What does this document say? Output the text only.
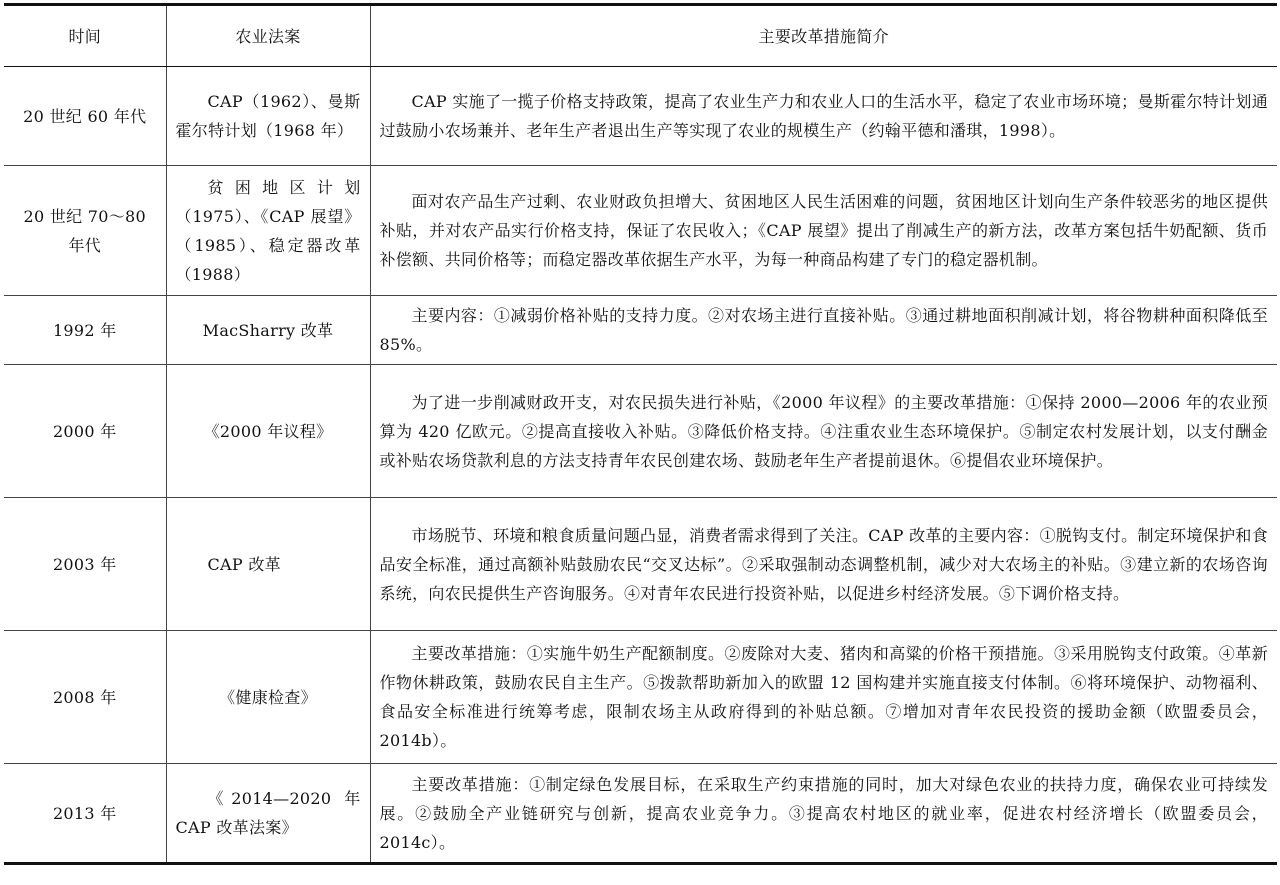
时间	农业法案	主要改革措施简介
20 世纪 60 年代	CAP（1962）、曼斯霍尔特计划（1968 年）	CAP 实施了一揽子价格支持政策，提高了农业生产力和农业人口的生活水平，稳定了农业市场环境；曼斯霍尔特计划通过鼓励小农场兼并、老年生产者退出生产等实现了农业的规模生产（约翰平德和潘琪，1998）。
20 世纪 70～80 年代	贫困地区计划（1975）、《CAP 展望》（1985）、稳定器改革（1988）	面对农产品生产过剩、农业财政负担增大、贫困地区人民生活困难的问题，贫困地区计划向生产条件较恶劣的地区提供补贴，并对农产品实行价格支持，保证了农民收入；《CAP 展望》提出了削减生产的新方法，改革方案包括牛奶配额、货币补偿额、共同价格等；而稳定器改革依据生产水平，为每一种商品构建了专门的稳定器机制。
1992 年	MacSharry 改革	主要内容：①减弱价格补贴的支持力度。②对农场主进行直接补贴。③通过耕地面积削减计划，将谷物耕种面积降低至 85%。
2000 年	《2000 年议程》	为了进一步削减财政开支，对农民损失进行补贴，《2000 年议程》的主要改革措施：①保持 2000—2006 年的农业预算为 420 亿欧元。②提高直接收入补贴。③降低价格支持。④注重农业生态环境保护。⑤制定农村发展计划，以支付酬金或补贴农场贷款利息的方法支持青年农民创建农场、鼓励老年生产者提前退休。⑥提倡农业环境保护。
2003 年	CAP 改革	市场脱节、环境和粮食质量问题凸显，消费者需求得到了关注。CAP 改革的主要内容：①脱钩支付。制定环境保护和食品安全标准，通过高额补贴鼓励农民“交叉达标”。②采取强制动态调整机制，减少对大农场主的补贴。③建立新的农场咨询系统，向农民提供生产咨询服务。④对青年农民进行投资补贴，以促进乡村经济发展。⑤下调价格支持。
2008 年	《健康检查》	主要改革措施：①实施牛奶生产配额制度。②废除对大麦、猪肉和高粱的价格干预措施。③采用脱钩支付政策。④革新作物休耕政策，鼓励农民自主生产。⑤拨款帮助新加入的欧盟 12 国构建并实施直接支付体制。⑥将环境保护、动物福利、食品安全标准进行统筹考虑，限制农场主从政府得到的补贴总额。⑦增加对青年农民投资的援助金额（欧盟委员会，2014b）。
2013 年	《2014—2020 年 CAP 改革法案》	主要改革措施：①制定绿色发展目标，在采取生产约束措施的同时，加大对绿色农业的扶持力度，确保农业可持续发展。②鼓励全产业链研究与创新，提高农业竞争力。③提高农村地区的就业率，促进农村经济增长（欧盟委员会，2014c）。
